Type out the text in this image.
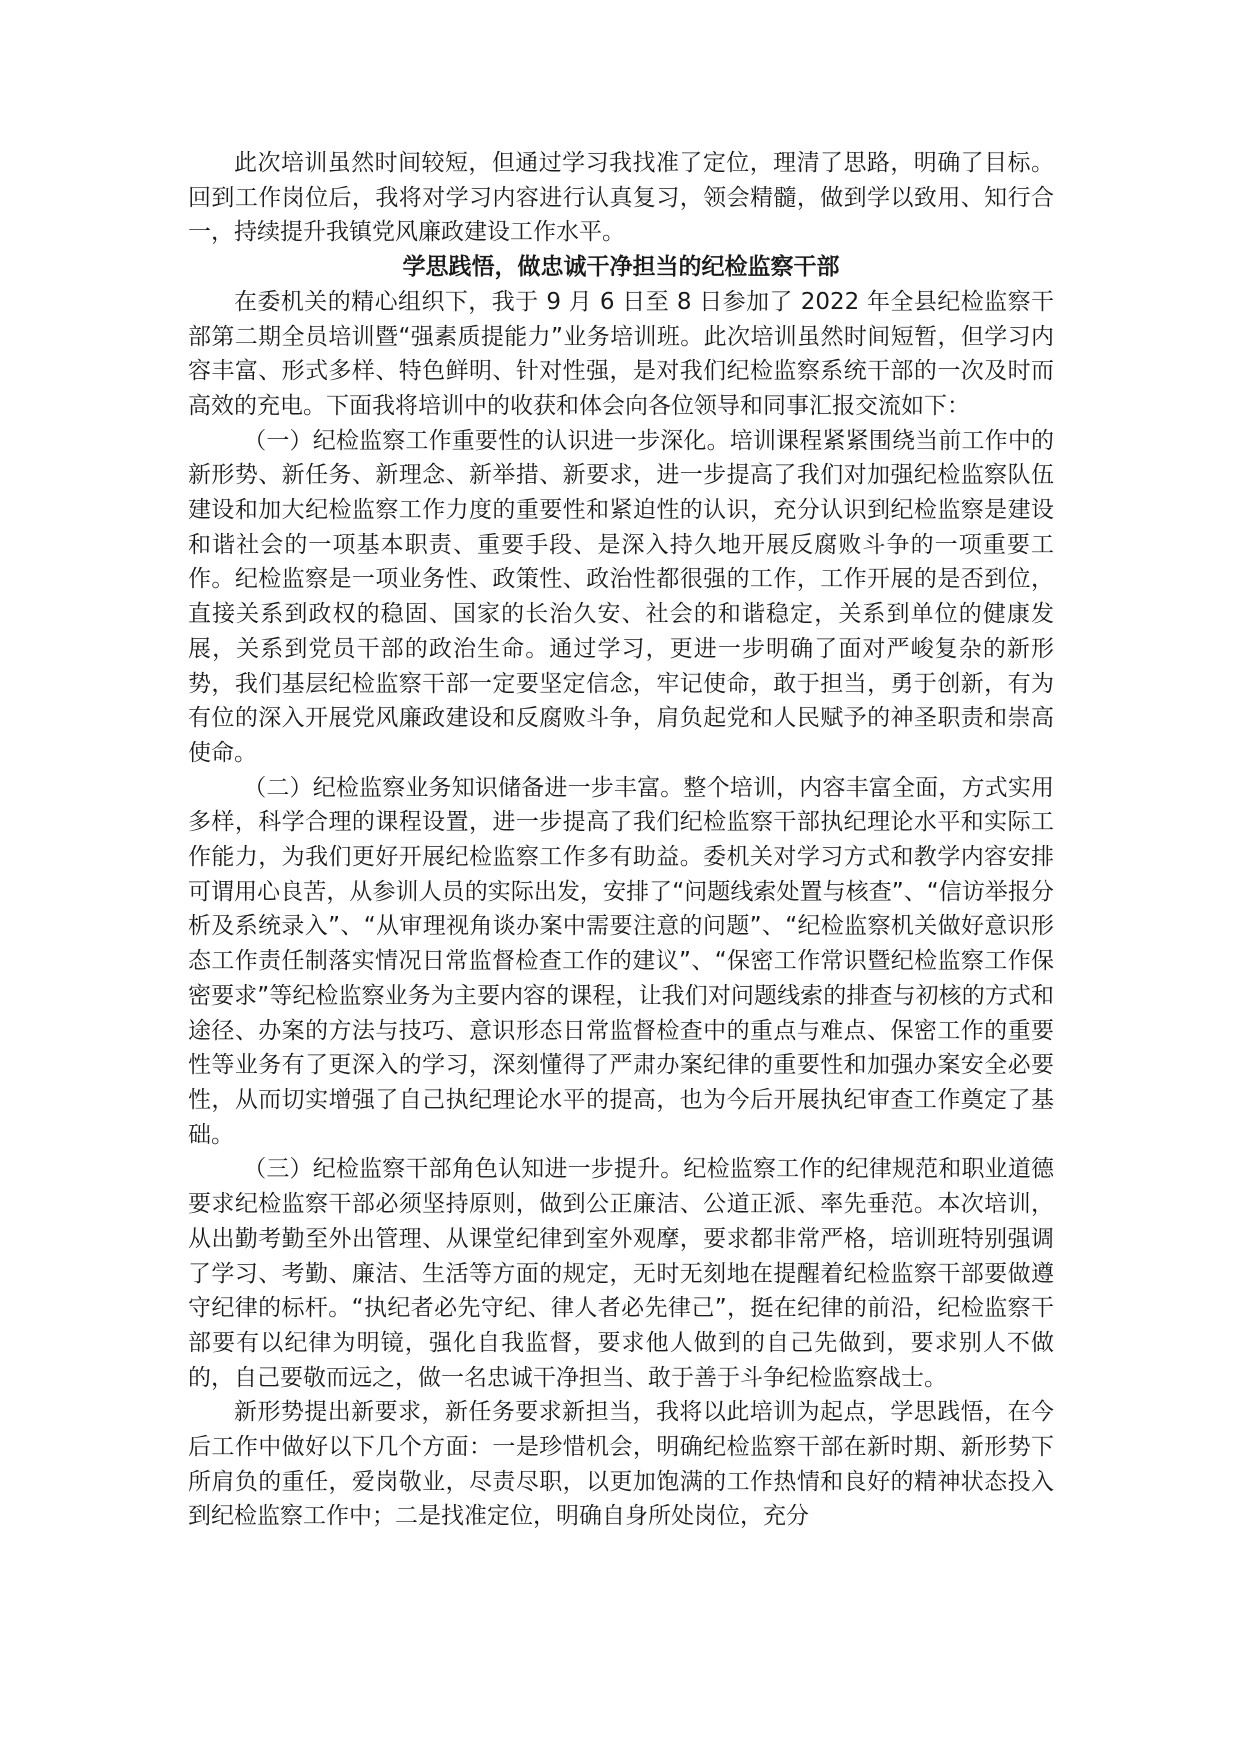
此次培训虽然时间较短，但通过学习我找准了定位，理清了思路，明确了目标。回到工作岗位后，我将对学习内容进行认真复习，领会精髓，做到学以致用、知行合一，持续提升我镇党风廉政建设工作水平。

学思践悟，做忠诚干净担当的纪检监察干部

在委机关的精心组织下，我于 9 月 6 日至 8 日参加了 2022 年全县纪检监察干部第二期全员培训暨“强素质提能力”业务培训班。此次培训虽然时间短暂，但学习内容丰富、形式多样、特色鲜明、针对性强，是对我们纪检监察系统干部的一次及时而高效的充电。下面我将培训中的收获和体会向各位领导和同事汇报交流如下：

（一）纪检监察工作重要性的认识进一步深化。培训课程紧紧围绕当前工作中的新形势、新任务、新理念、新举措、新要求，进一步提高了我们对加强纪检监察队伍建设和加大纪检监察工作力度的重要性和紧迫性的认识，充分认识到纪检监察是建设和谐社会的一项基本职责、重要手段、是深入持久地开展反腐败斗争的一项重要工作。纪检监察是一项业务性、政策性、政治性都很强的工作，工作开展的是否到位，直接关系到政权的稳固、国家的长治久安、社会的和谐稳定，关系到单位的健康发展，关系到党员干部的政治生命。通过学习，更进一步明确了面对严峻复杂的新形势，我们基层纪检监察干部一定要坚定信念，牢记使命，敢于担当，勇于创新，有为有位的深入开展党风廉政建设和反腐败斗争，肩负起党和人民赋予的神圣职责和崇高使命。

（二）纪检监察业务知识储备进一步丰富。整个培训，内容丰富全面，方式实用多样，科学合理的课程设置，进一步提高了我们纪检监察干部执纪理论水平和实际工作能力，为我们更好开展纪检监察工作多有助益。委机关对学习方式和教学内容安排可谓用心良苦，从参训人员的实际出发，安排了“问题线索处置与核查”、“信访举报分析及系统录入”、“从审理视角谈办案中需要注意的问题”、“纪检监察机关做好意识形态工作责任制落实情况日常监督检查工作的建议”、“保密工作常识暨纪检监察工作保密要求”等纪检监察业务为主要内容的课程，让我们对问题线索的排查与初核的方式和途径、办案的方法与技巧、意识形态日常监督检查中的重点与难点、保密工作的重要性等业务有了更深入的学习，深刻懂得了严肃办案纪律的重要性和加强办案安全必要性，从而切实增强了自己执纪理论水平的提高，也为今后开展执纪审查工作奠定了基础。

（三）纪检监察干部角色认知进一步提升。纪检监察工作的纪律规范和职业道德要求纪检监察干部必须坚持原则，做到公正廉洁、公道正派、率先垂范。本次培训，从出勤考勤至外出管理、从课堂纪律到室外观摩，要求都非常严格，培训班特别强调了学习、考勤、廉洁、生活等方面的规定，无时无刻地在提醒着纪检监察干部要做遵守纪律的标杆。“执纪者必先守纪、律人者必先律己”，挺在纪律的前沿，纪检监察干部要有以纪律为明镜，强化自我监督，要求他人做到的自己先做到，要求别人不做的，自己要敬而远之，做一名忠诚干净担当、敢于善于斗争纪检监察战士。

新形势提出新要求，新任务要求新担当，我将以此培训为起点，学思践悟，在今后工作中做好以下几个方面：一是珍惜机会，明确纪检监察干部在新时期、新形势下所肩负的重任，爱岗敬业，尽责尽职，以更加饱满的工作热情和良好的精神状态投入到纪检监察工作中；二是找准定位，明确自身所处岗位，充分
